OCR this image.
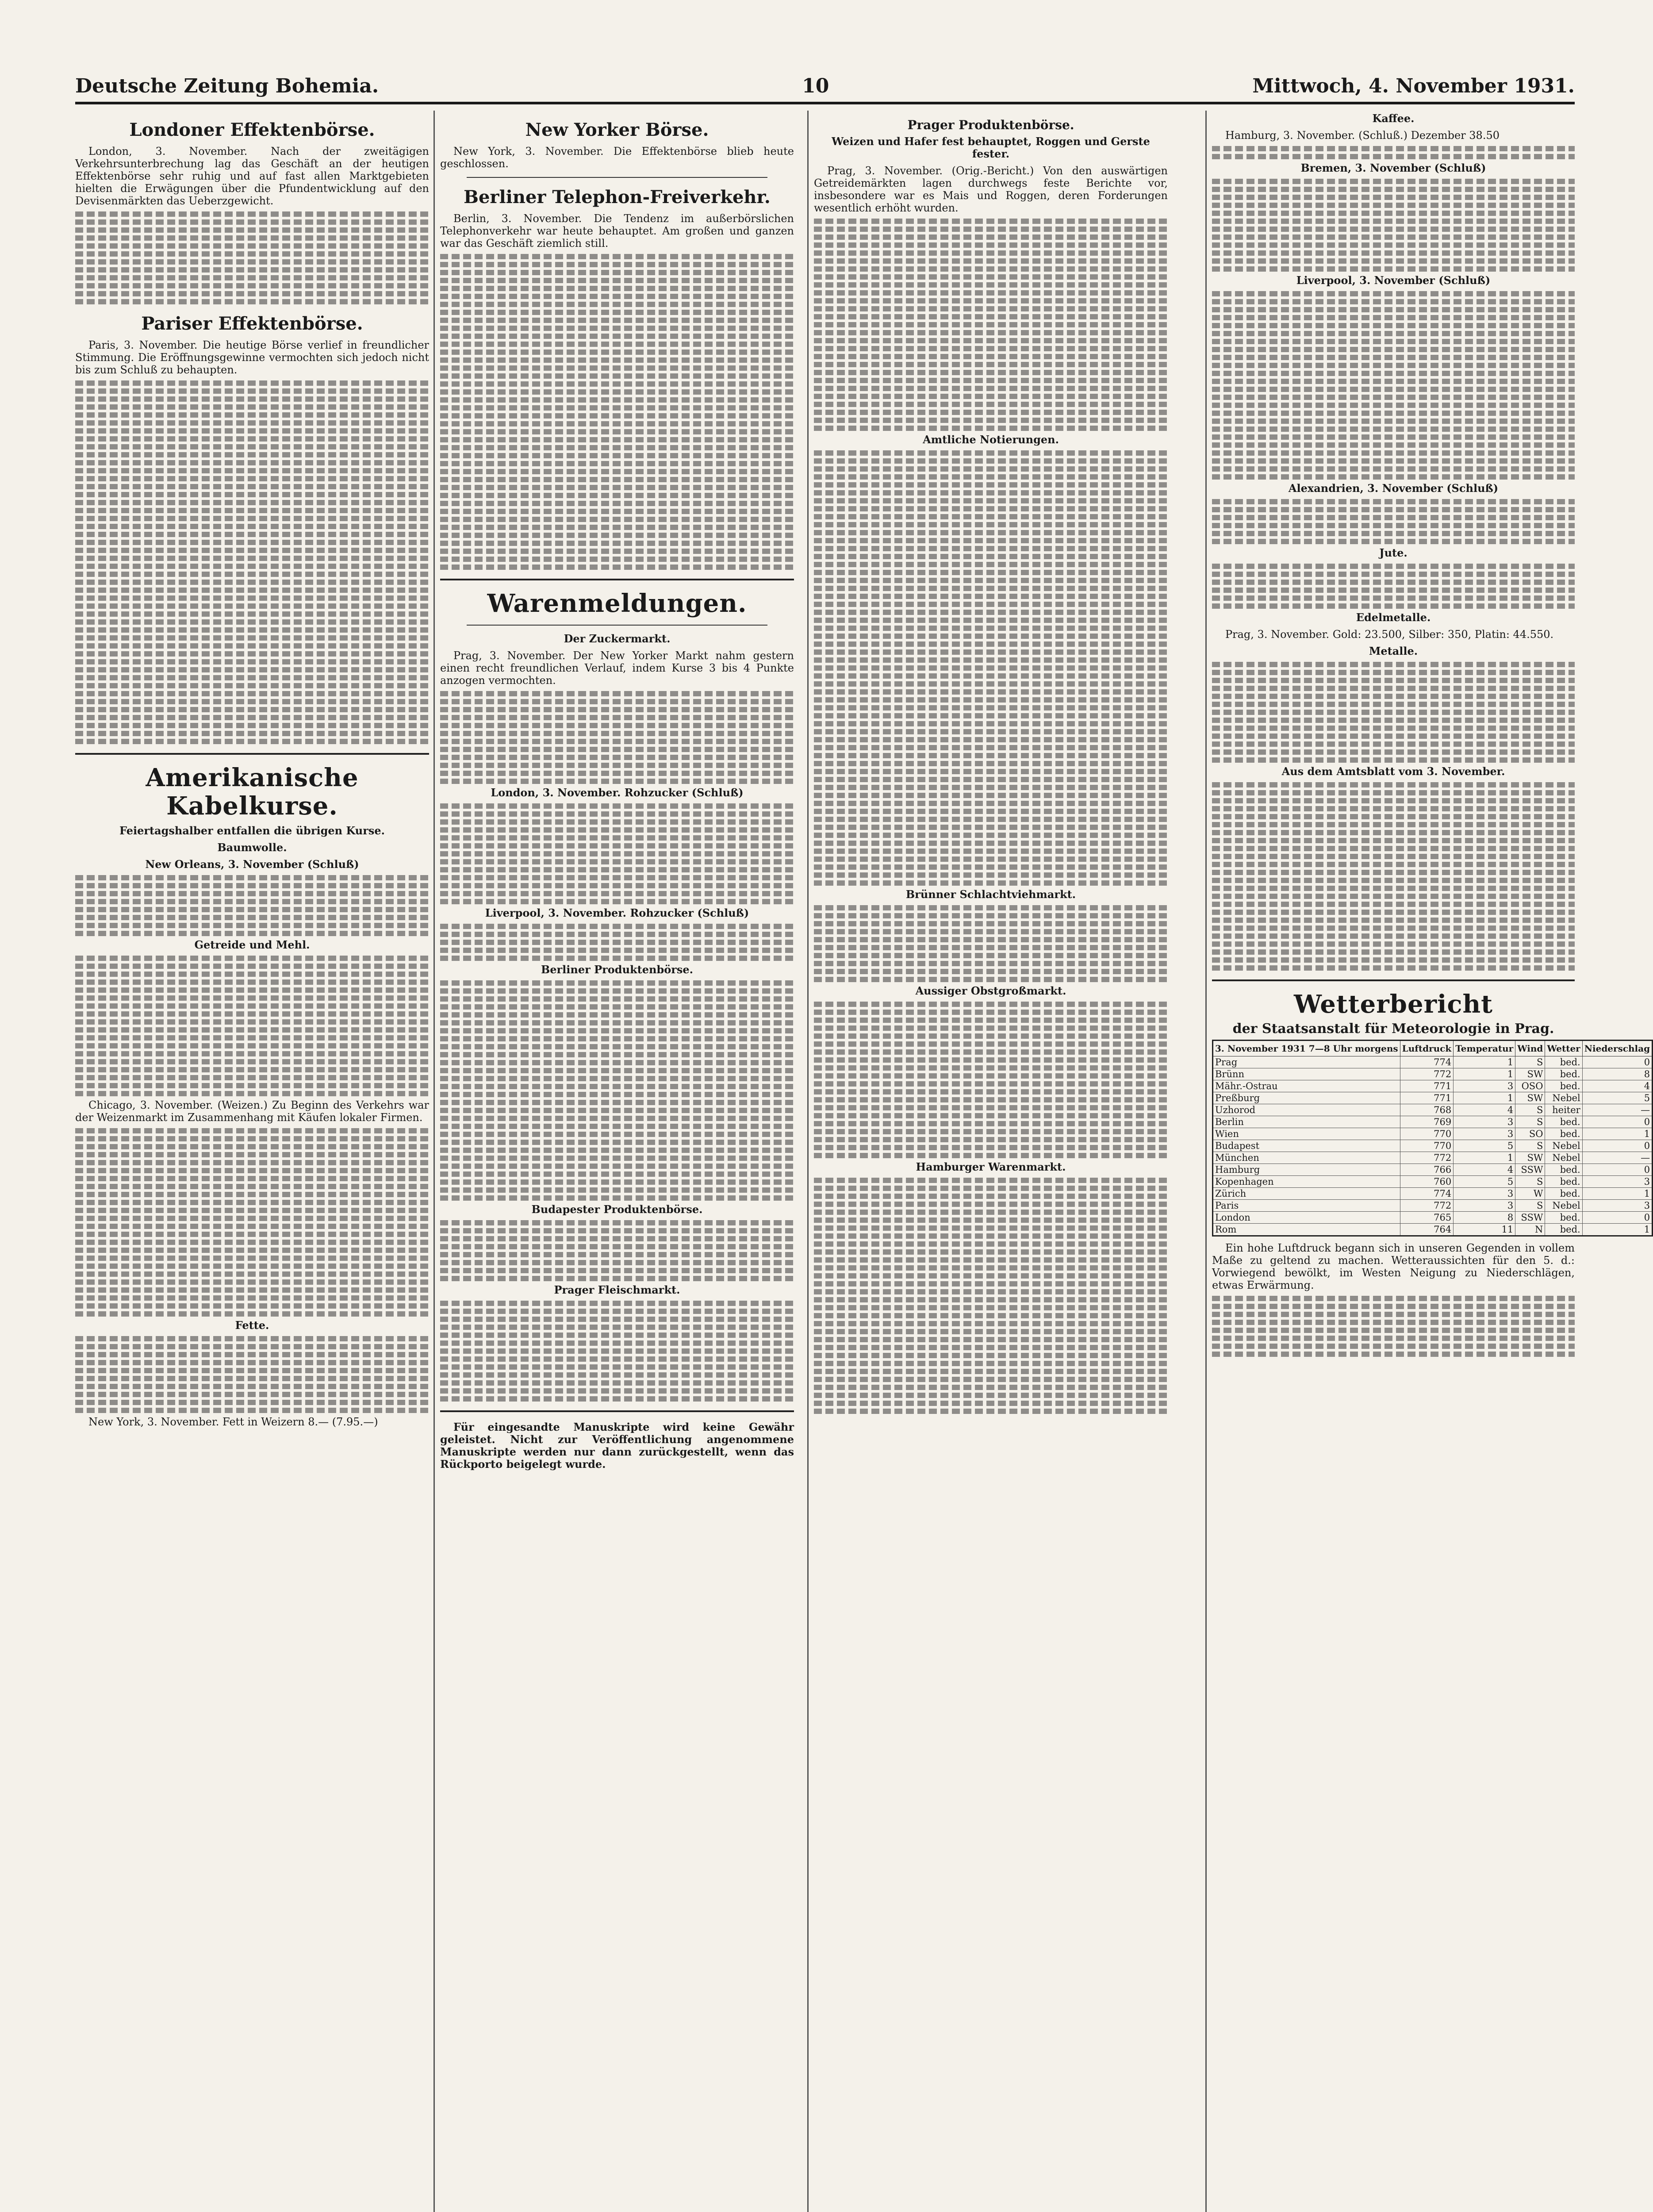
Deutsche Zeitung Bohemia.	10	Mittwoch, 4. November 1931.
Londoner Effektenbörse.

London, 3. November. Nach der zweitägigen Verkehrsunterbrechung lag das Geschäft an der heutigen Effektenbörse sehr ruhig und auf fast allen Marktgebieten hielten die Erwägungen über die Pfundentwicklung auf den Devisenmärkten das Ueberzgewicht.

Pariser Effektenbörse.

Paris, 3. November. Die heutige Börse verlief in freundlicher Stimmung. Die Eröffnungsgewinne vermochten sich jedoch nicht bis zum Schluß zu behaupten.

Amerikanische Kabelkurse.
Feiertagshalber entfallen die übrigen Kurse.
Baumwolle.
New Orleans, 3. November (Schluß)
Getreide und Mehl.

Chicago, 3. November. (Weizen.) Zu Beginn des Verkehrs war der Weizenmarkt im Zusammenhang mit Käufen lokaler Firmen.

Fette.

New York, 3. November. Fett in Weizern 8.— (7.95.—)

New Yorker Börse.

New York, 3. November. Die Effektenbörse blieb heute geschlossen.

Berliner Telephon-Freiverkehr.

Berlin, 3. November. Die Tendenz im außerbörslichen Telephonverkehr war heute behauptet. Am großen und ganzen war das Geschäft ziemlich still.

Warenmeldungen.
Der Zuckermarkt.

Prag, 3. November. Der New Yorker Markt nahm gestern einen recht freundlichen Verlauf, indem Kurse 3 bis 4 Punkte anzogen vermochten.

London, 3. November. Rohzucker (Schluß)
Liverpool, 3. November. Rohzucker (Schluß)
Berliner Produktenbörse.
Budapester Produktenbörse.
Prager Fleischmarkt.

Für eingesandte Manuskripte wird keine Gewähr geleistet. Nicht zur Veröffentlichung angenommene Manuskripte werden nur dann zurückgestellt, wenn das Rückporto beigelegt wurde.

Prager Produktenbörse.
Weizen und Hafer fest behauptet, Roggen und Gerste fester.

Prag, 3. November. (Orig.-Bericht.) Von den auswärtigen Getreidemärkten lagen durchwegs feste Berichte vor, insbesondere war es Mais und Roggen, deren Forderungen wesentlich erhöht wurden.

Amtliche Notierungen.
Brünner Schlachtviehmarkt.
Aussiger Obstgroßmarkt.
Hamburger Warenmarkt.
Kaffee.

Hamburg, 3. November. (Schluß.) Dezember 38.50

Bremen, 3. November (Schluß)
Liverpool, 3. November (Schluß)
Alexandrien, 3. November (Schluß)
Jute.
Edelmetalle.

Prag, 3. November. Gold: 23.500, Silber: 350, Platin: 44.550.

Metalle.
Aus dem Amtsblatt vom 3. November.
Wetterbericht
der Staatsanstalt für Meteorologie in Prag.
3. November 1931 7—8 Uhr morgens	Luftdruck	Temperatur	Wind	Wetter	Niederschlag
Prag	774	1	S	bed.	0
Brünn	772	1	SW	bed.	8
Mähr.-Ostrau	771	3	OSO	bed.	4
Preßburg	771	1	SW	Nebel	5
Uzhorod	768	4	S	heiter	—
Berlin	769	3	S	bed.	0
Wien	770	3	SO	bed.	1
Budapest	770	5	S	Nebel	0
München	772	1	SW	Nebel	—
Hamburg	766	4	SSW	bed.	0
Kopenhagen	760	5	S	bed.	3
Zürich	774	3	W	bed.	1
Paris	772	3	S	Nebel	3
London	765	8	SSW	bed.	0
Rom	764	11	N	bed.	1

Ein hohe Luftdruck begann sich in unseren Gegenden in vollem Maße zu geltend zu machen. Wetteraussichten für den 5. d.: Vorwiegend bewölkt, im Westen Neigung zu Niederschlägen, etwas Erwärmung.
